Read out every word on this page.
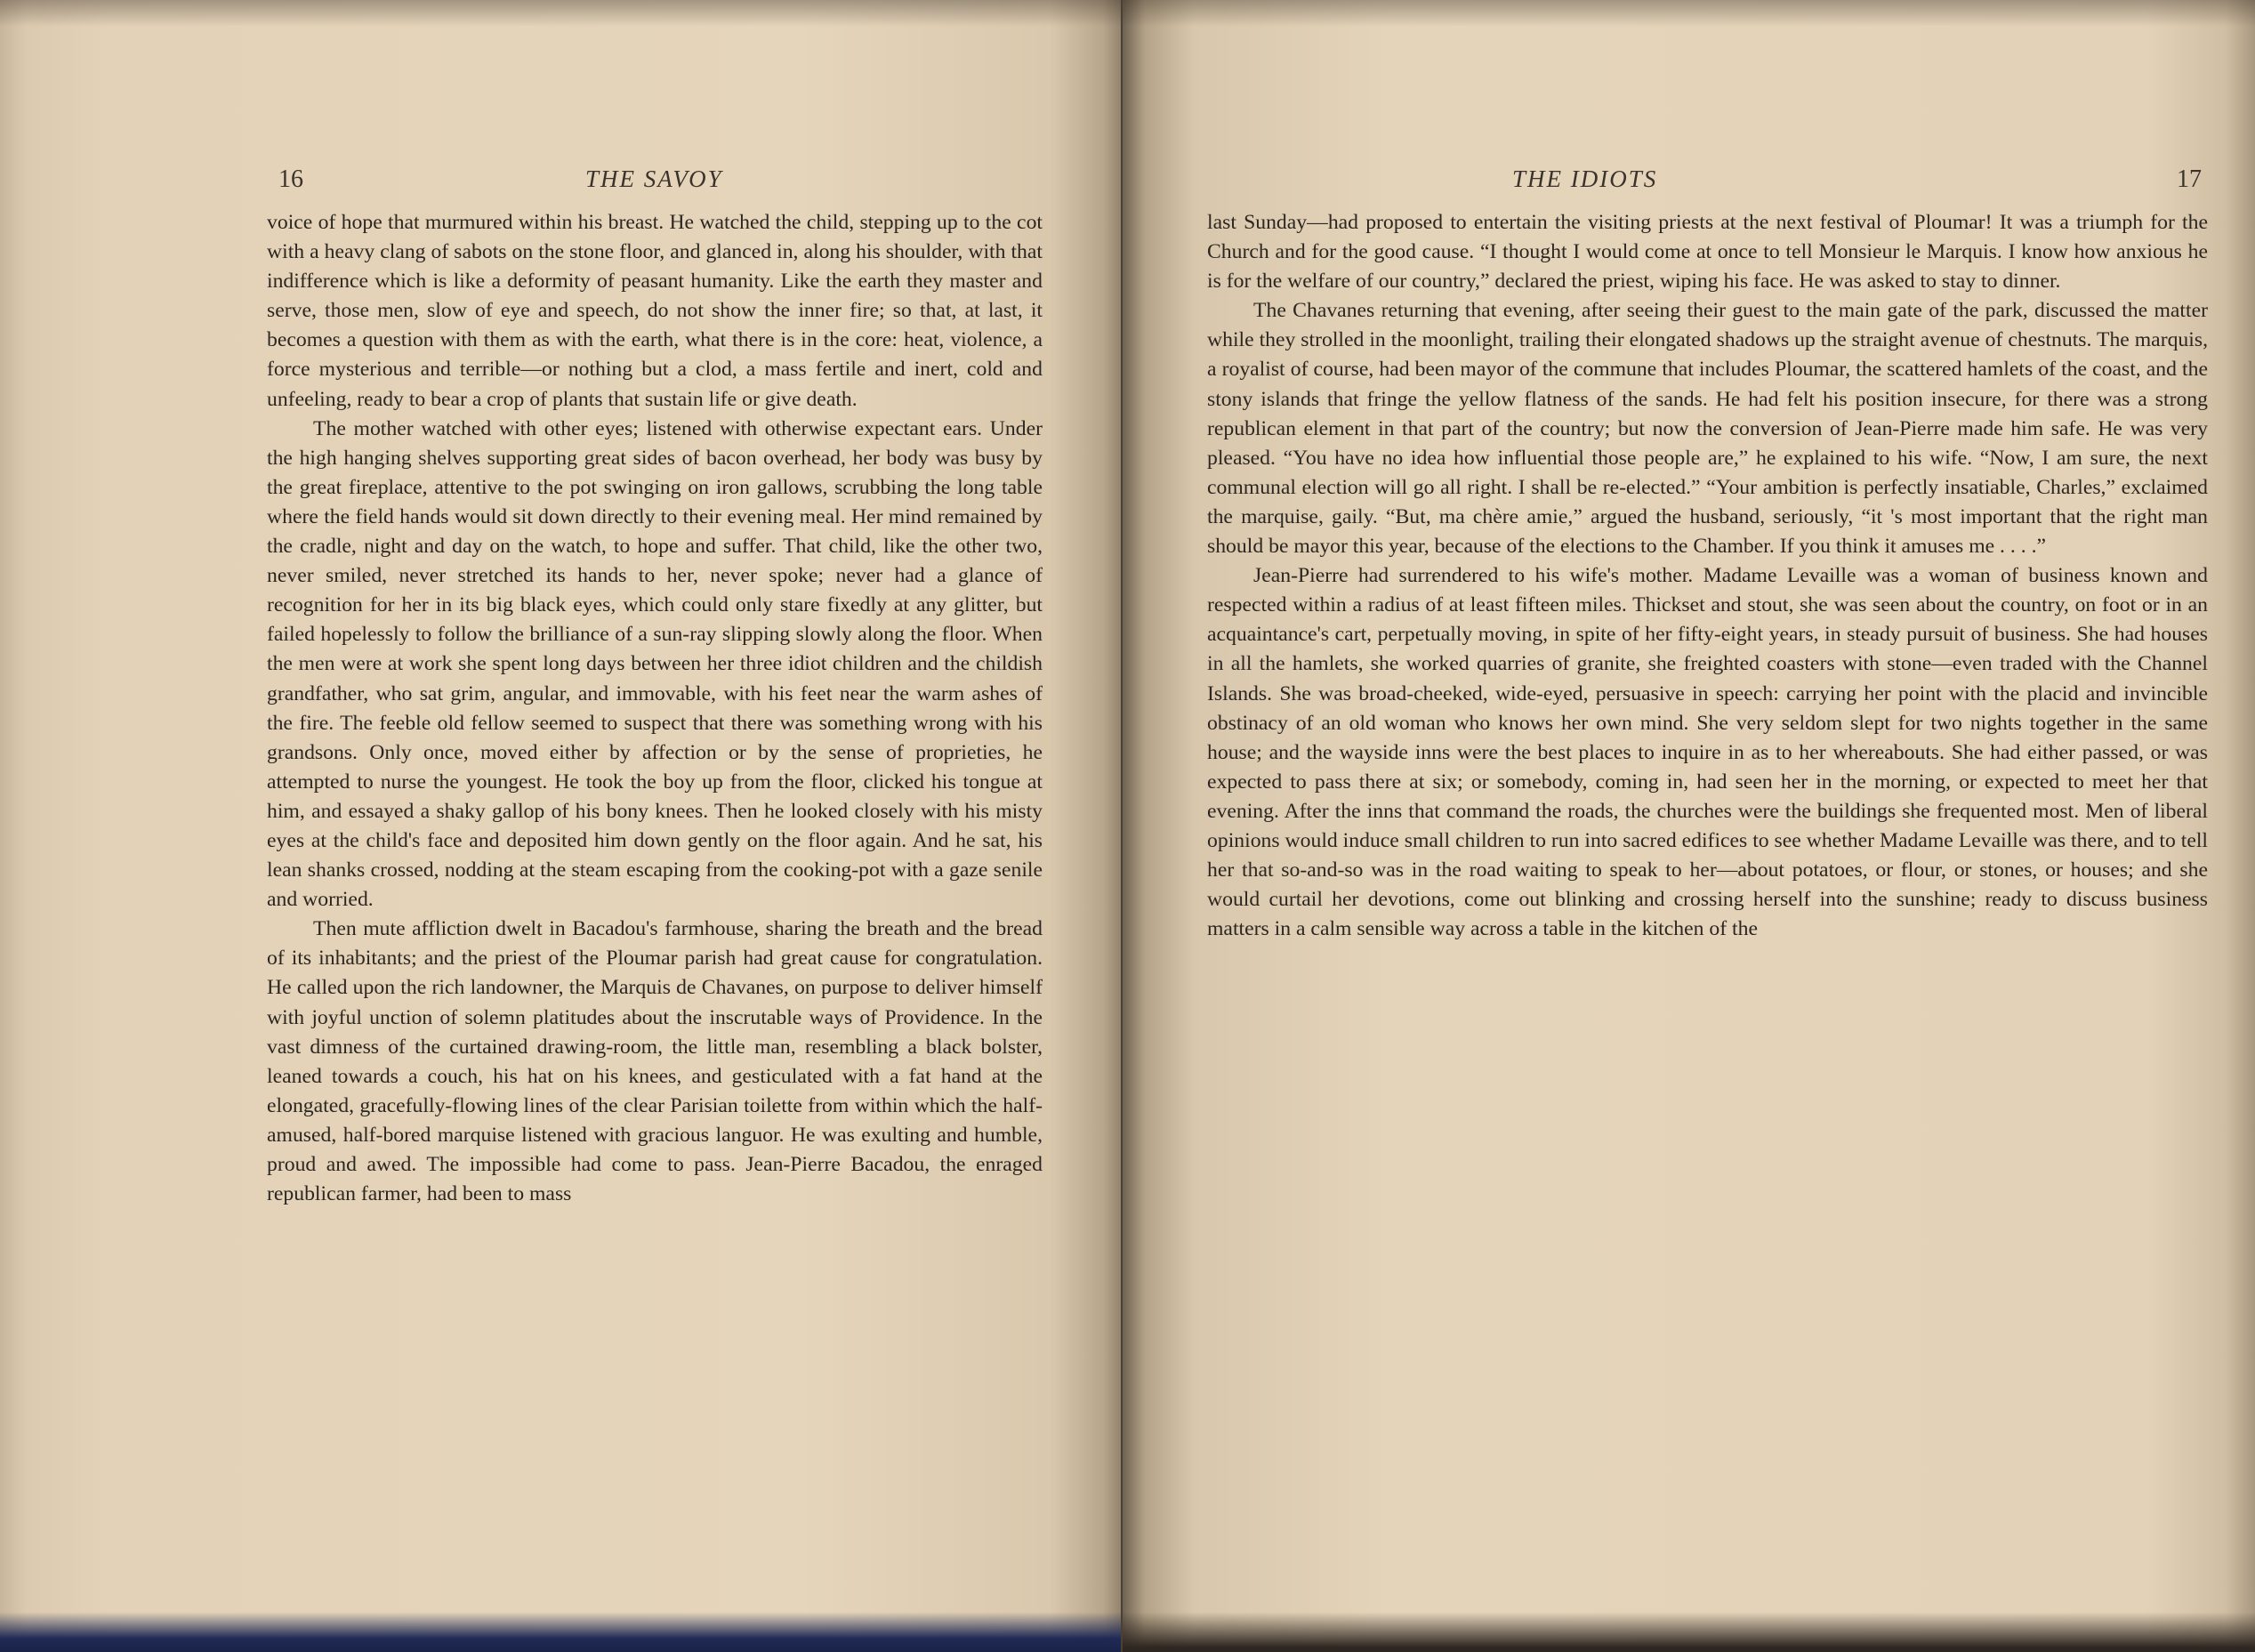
16	THE SAVOY

voice of hope that murmured within his breast. He watched the child, stepping up to the cot with a heavy clang of sabots on the stone floor, and glanced in, along his shoulder, with that indifference which is like a deformity of peasant humanity. Like the earth they master and serve, those men, slow of eye and speech, do not show the inner fire; so that, at last, it becomes a question with them as with the earth, what there is in the core: heat, violence, a force mysterious and terrible—or nothing but a clod, a mass fertile and inert, cold and unfeeling, ready to bear a crop of plants that sustain life or give death.

The mother watched with other eyes; listened with otherwise expectant ears. Under the high hanging shelves supporting great sides of bacon overhead, her body was busy by the great fireplace, attentive to the pot swinging on iron gallows, scrubbing the long table where the field hands would sit down directly to their evening meal. Her mind remained by the cradle, night and day on the watch, to hope and suffer. That child, like the other two, never smiled, never stretched its hands to her, never spoke; never had a glance of recognition for her in its big black eyes, which could only stare fixedly at any glitter, but failed hopelessly to follow the brilliance of a sun-ray slipping slowly along the floor. When the men were at work she spent long days between her three idiot children and the childish grandfather, who sat grim, angular, and immovable, with his feet near the warm ashes of the fire. The feeble old fellow seemed to suspect that there was something wrong with his grandsons. Only once, moved either by affection or by the sense of proprieties, he attempted to nurse the youngest. He took the boy up from the floor, clicked his tongue at him, and essayed a shaky gallop of his bony knees. Then he looked closely with his misty eyes at the child's face and deposited him down gently on the floor again. And he sat, his lean shanks crossed, nodding at the steam escaping from the cooking-pot with a gaze senile and worried.

Then mute affliction dwelt in Bacadou's farmhouse, sharing the breath and the bread of its inhabitants; and the priest of the Ploumar parish had great cause for congratulation. He called upon the rich landowner, the Marquis de Chavanes, on purpose to deliver himself with joyful unction of solemn platitudes about the inscrutable ways of Providence. In the vast dimness of the curtained drawing-room, the little man, resembling a black bolster, leaned towards a couch, his hat on his knees, and gesticulated with a fat hand at the elongated, gracefully-flowing lines of the clear Parisian toilette from within which the half-amused, half-bored marquise listened with gracious languor. He was exulting and humble, proud and awed. The impossible had come to pass. Jean-Pierre Bacadou, the enraged republican farmer, had been to mass

THE IDIOTS	17

last Sunday—had proposed to entertain the visiting priests at the next festival of Ploumar! It was a triumph for the Church and for the good cause. “I thought I would come at once to tell Monsieur le Marquis. I know how anxious he is for the welfare of our country,” declared the priest, wiping his face. He was asked to stay to dinner.

The Chavanes returning that evening, after seeing their guest to the main gate of the park, discussed the matter while they strolled in the moonlight, trailing their elongated shadows up the straight avenue of chestnuts. The marquis, a royalist of course, had been mayor of the commune that includes Ploumar, the scattered hamlets of the coast, and the stony islands that fringe the yellow flatness of the sands. He had felt his position insecure, for there was a strong republican element in that part of the country; but now the conversion of Jean-Pierre made him safe. He was very pleased. “You have no idea how influential those people are,” he explained to his wife. “Now, I am sure, the next communal election will go all right. I shall be re-elected.” “Your ambition is perfectly insatiable, Charles,” exclaimed the marquise, gaily. “But, ma chère amie,” argued the husband, seriously, “it 's most important that the right man should be mayor this year, because of the elections to the Chamber. If you think it amuses me . . . .”

Jean-Pierre had surrendered to his wife's mother. Madame Levaille was a woman of business known and respected within a radius of at least fifteen miles. Thickset and stout, she was seen about the country, on foot or in an acquaintance's cart, perpetually moving, in spite of her fifty-eight years, in steady pursuit of business. She had houses in all the hamlets, she worked quarries of granite, she freighted coasters with stone—even traded with the Channel Islands. She was broad-cheeked, wide-eyed, persuasive in speech: carrying her point with the placid and invincible obstinacy of an old woman who knows her own mind. She very seldom slept for two nights together in the same house; and the wayside inns were the best places to inquire in as to her whereabouts. She had either passed, or was expected to pass there at six; or somebody, coming in, had seen her in the morning, or expected to meet her that evening. After the inns that command the roads, the churches were the buildings she frequented most. Men of liberal opinions would induce small children to run into sacred edifices to see whether Madame Levaille was there, and to tell her that so-and-so was in the road waiting to speak to her—about potatoes, or flour, or stones, or houses; and she would curtail her devotions, come out blinking and crossing herself into the sunshine; ready to discuss business matters in a calm sensible way across a table in the kitchen of the
